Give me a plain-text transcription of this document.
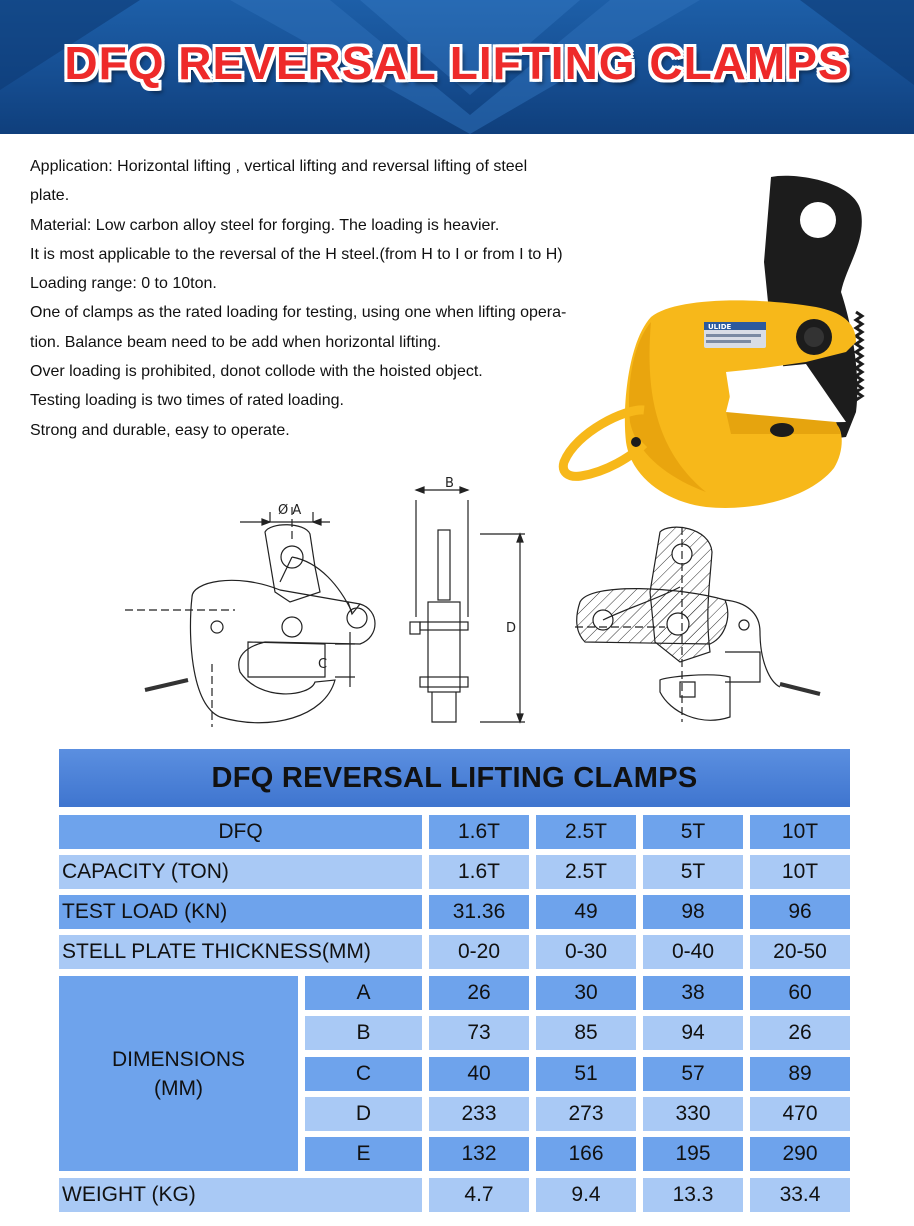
DFQ REVERSAL LIFTING CLAMPS

Application: Horizontal lifting , vertical lifting and reversal lifting of steel

plate.

Material: Low carbon alloy steel for forging. The loading is heavier.

It is most applicable to the reversal of the H steel.(from H to I or from I to H)

Loading range: 0 to 10ton.

One of clamps as the rated loading for testing, using one when lifting opera-

tion. Balance beam need to be add when horizontal lifting.

Over loading is prohibited, donot collode with the hoisted object.

Testing loading is two times of rated loading.

Strong and durable, easy to operate.

ULIDE
Ø A
C
B
D
DFQ REVERSAL LIFTING CLAMPS
DFQ	1.6T	2.5T	5T	10T
CAPACITY (TON)	1.6T	2.5T	5T	10T
TEST LOAD (KN)	31.36	49	98	96
STELL PLATE THICKNESS(MM)	0-20	0-30	0-40	20-50
DIMENSIONS
(MM)
A	26	30	38	60
B	73	85	94	26
C	40	51	57	89
D	233	273	330	470
E	132	166	195	290
WEIGHT (KG)	4.7	9.4	13.3	33.4
